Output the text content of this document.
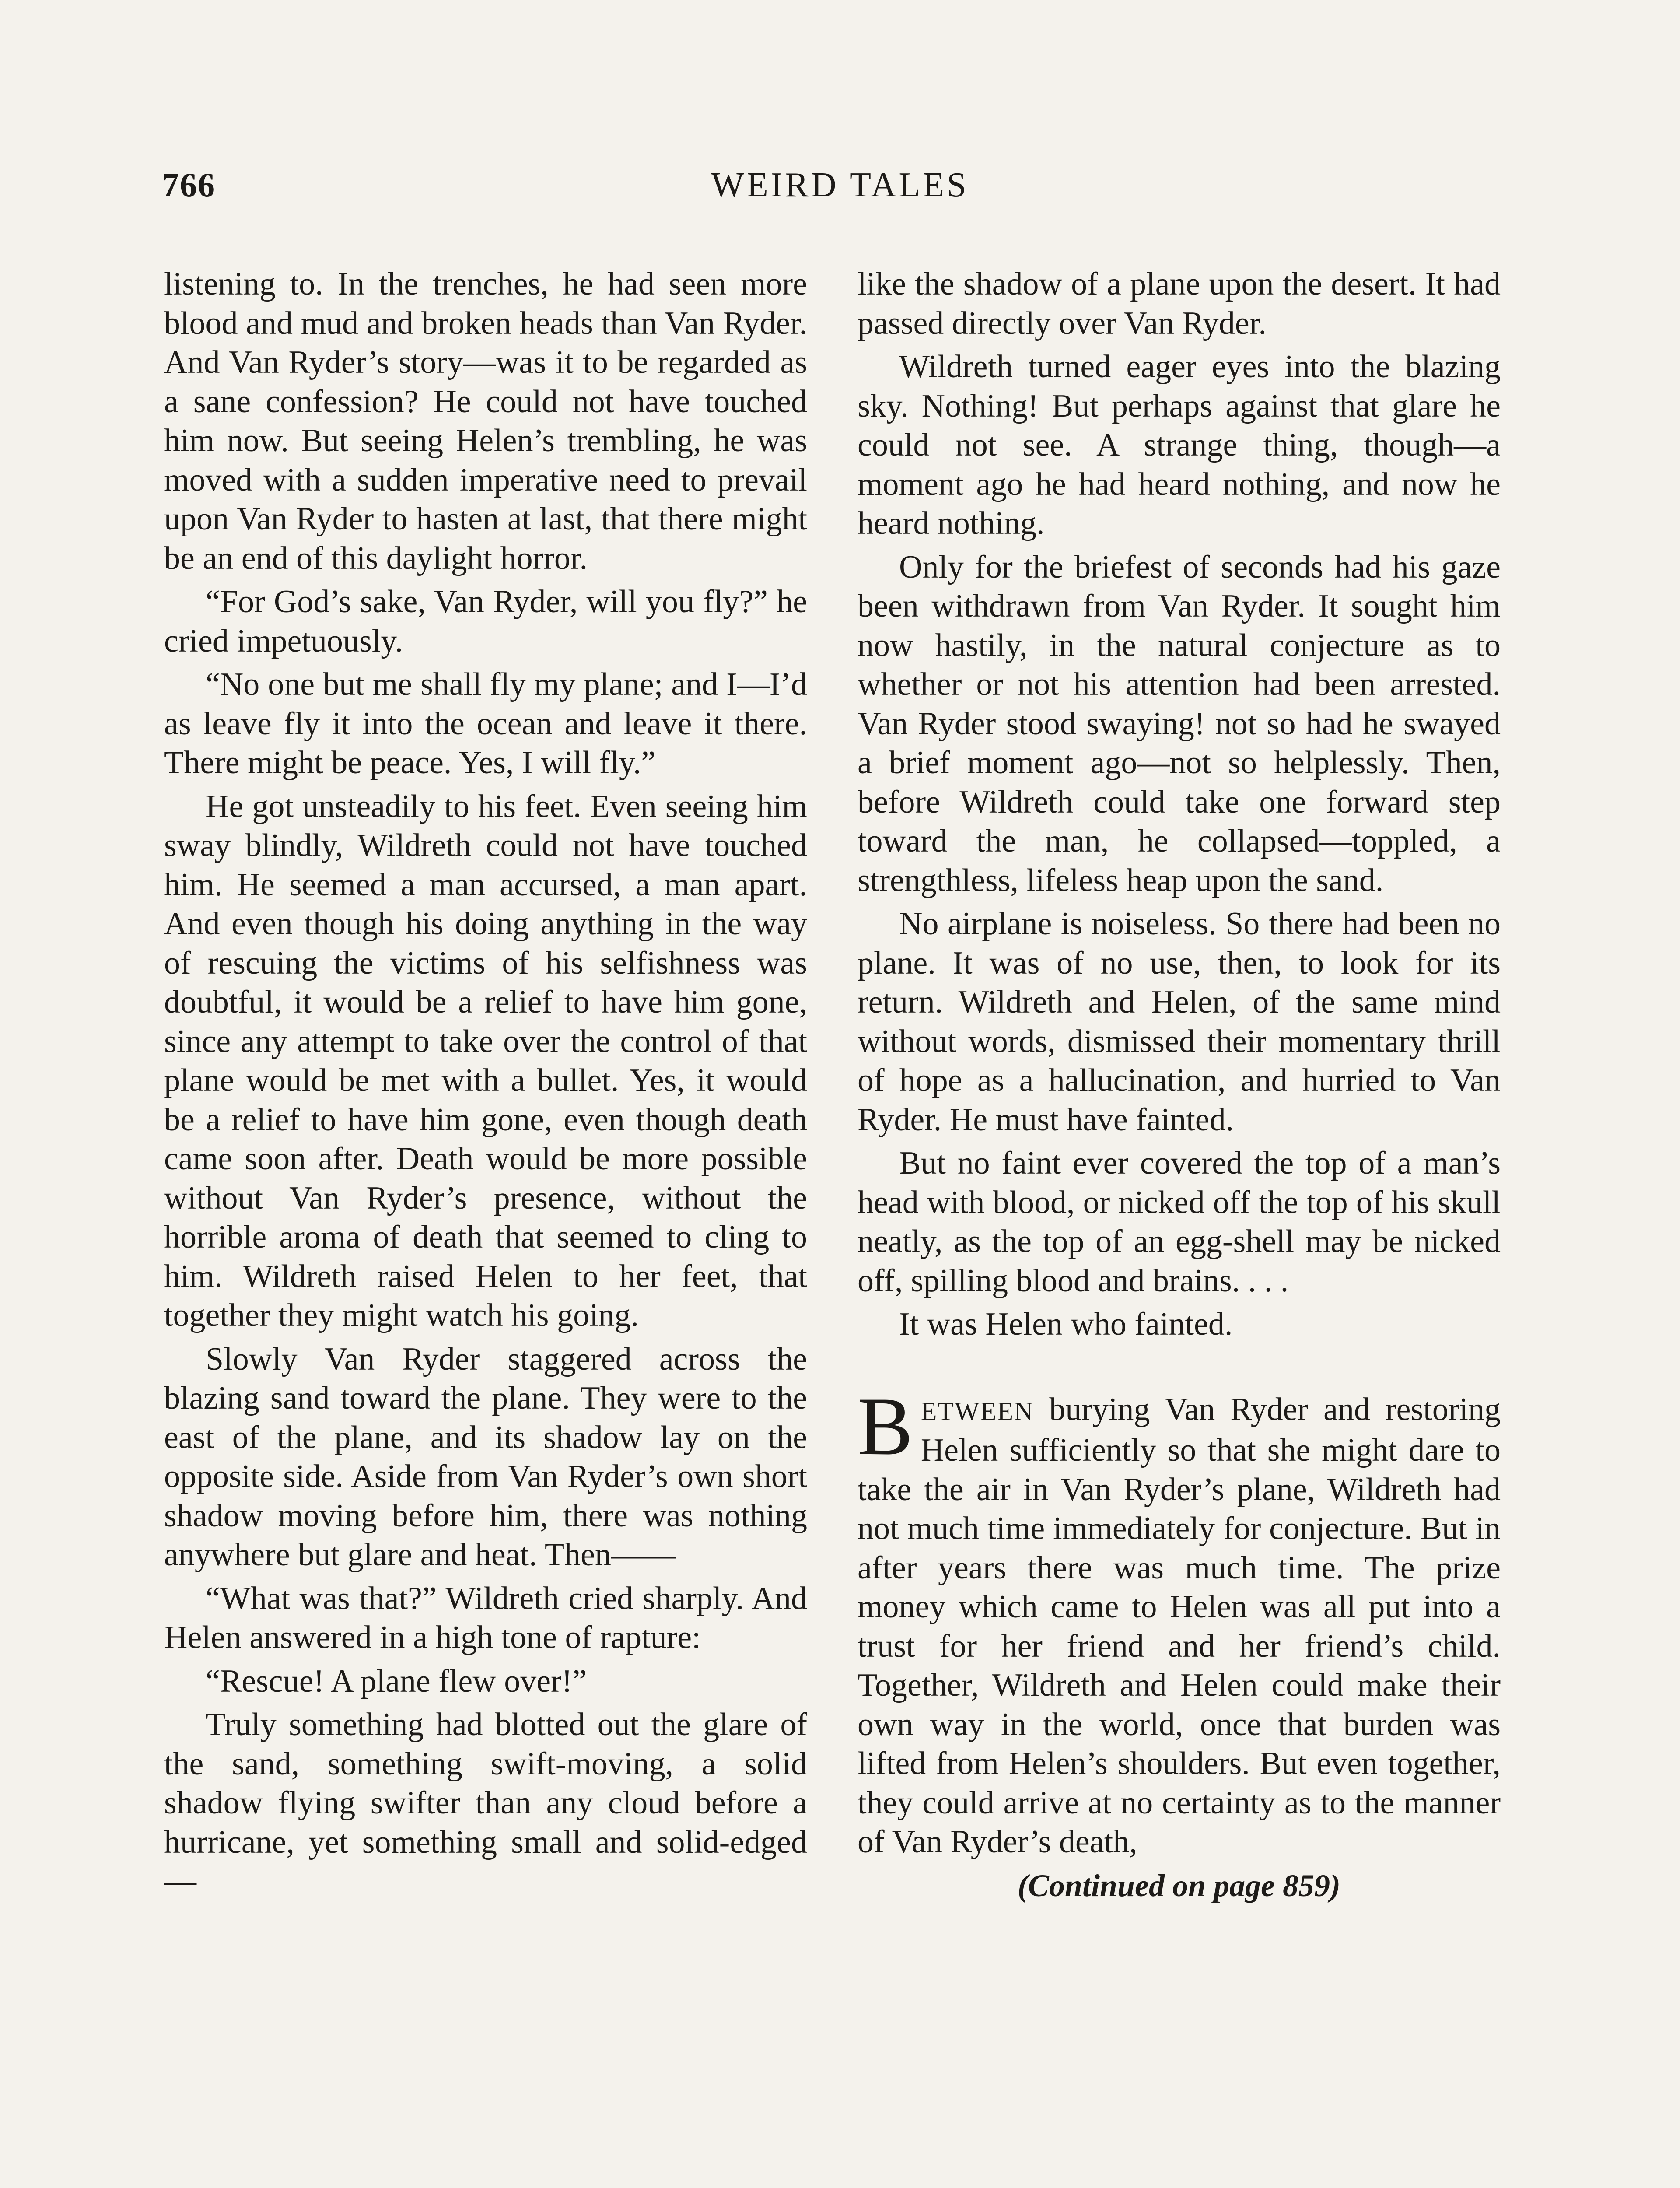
766	WEIRD TALES

listening to. In the trenches, he had seen more blood and mud and broken heads than Van Ryder. And Van Ryder’s story—was it to be regarded as a sane confession? He could not have touched him now. But seeing Helen’s trembling, he was moved with a sudden imperative need to prevail upon Van Ryder to hasten at last, that there might be an end of this daylight horror.

“For God’s sake, Van Ryder, will you fly?” he cried impetuously.

“No one but me shall fly my plane; and I—I’d as leave fly it into the ocean and leave it there. There might be peace. Yes, I will fly.”

He got unsteadily to his feet. Even seeing him sway blindly, Wildreth could not have touched him. He seemed a man accursed, a man apart. And even though his doing anything in the way of rescuing the victims of his selfishness was doubtful, it would be a relief to have him gone, since any attempt to take over the control of that plane would be met with a bullet. Yes, it would be a relief to have him gone, even though death came soon after. Death would be more possible without Van Ryder’s presence, without the horrible aroma of death that seemed to cling to him. Wildreth raised Helen to her feet, that together they might watch his going.

Slowly Van Ryder staggered across the blazing sand toward the plane. They were to the east of the plane, and its shadow lay on the opposite side. Aside from Van Ryder’s own short shadow moving before him, there was nothing anywhere but glare and heat. Then——

“What was that?” Wildreth cried sharply. And Helen answered in a high tone of rapture:

“Rescue! A plane flew over!”

Truly something had blotted out the glare of the sand, something swift-moving, a solid shadow flying swifter than any cloud before a hurricane, yet something small and solid-edged—

like the shadow of a plane upon the desert. It had passed directly over Van Ryder.

Wildreth turned eager eyes into the blazing sky. Nothing! But perhaps against that glare he could not see. A strange thing, though—a moment ago he had heard nothing, and now he heard nothing.

Only for the briefest of seconds had his gaze been withdrawn from Van Ryder. It sought him now hastily, in the natural conjecture as to whether or not his attention had been arrested. Van Ryder stood swaying! not so had he swayed a brief moment ago—not so helplessly. Then, before Wildreth could take one forward step toward the man, he collapsed—toppled, a strengthless, lifeless heap upon the sand.

No airplane is noiseless. So there had been no plane. It was of no use, then, to look for its return. Wildreth and Helen, of the same mind without words, dismissed their momentary thrill of hope as a hallucination, and hurried to Van Ryder. He must have fainted.

But no faint ever covered the top of a man’s head with blood, or nicked off the top of his skull neatly, as the top of an egg-shell may be nicked off, spilling blood and brains. . . .

It was Helen who fainted.

BETWEEN burying Van Ryder and restoring Helen sufficiently so that she might dare to take the air in Van Ryder’s plane, Wildreth had not much time immediately for conjecture. But in after years there was much time. The prize money which came to Helen was all put into a trust for her friend and her friend’s child. Together, Wildreth and Helen could make their own way in the world, once that burden was lifted from Helen’s shoulders. But even together, they could arrive at no certainty as to the manner of Van Ryder’s death,

(Continued on page 859)
